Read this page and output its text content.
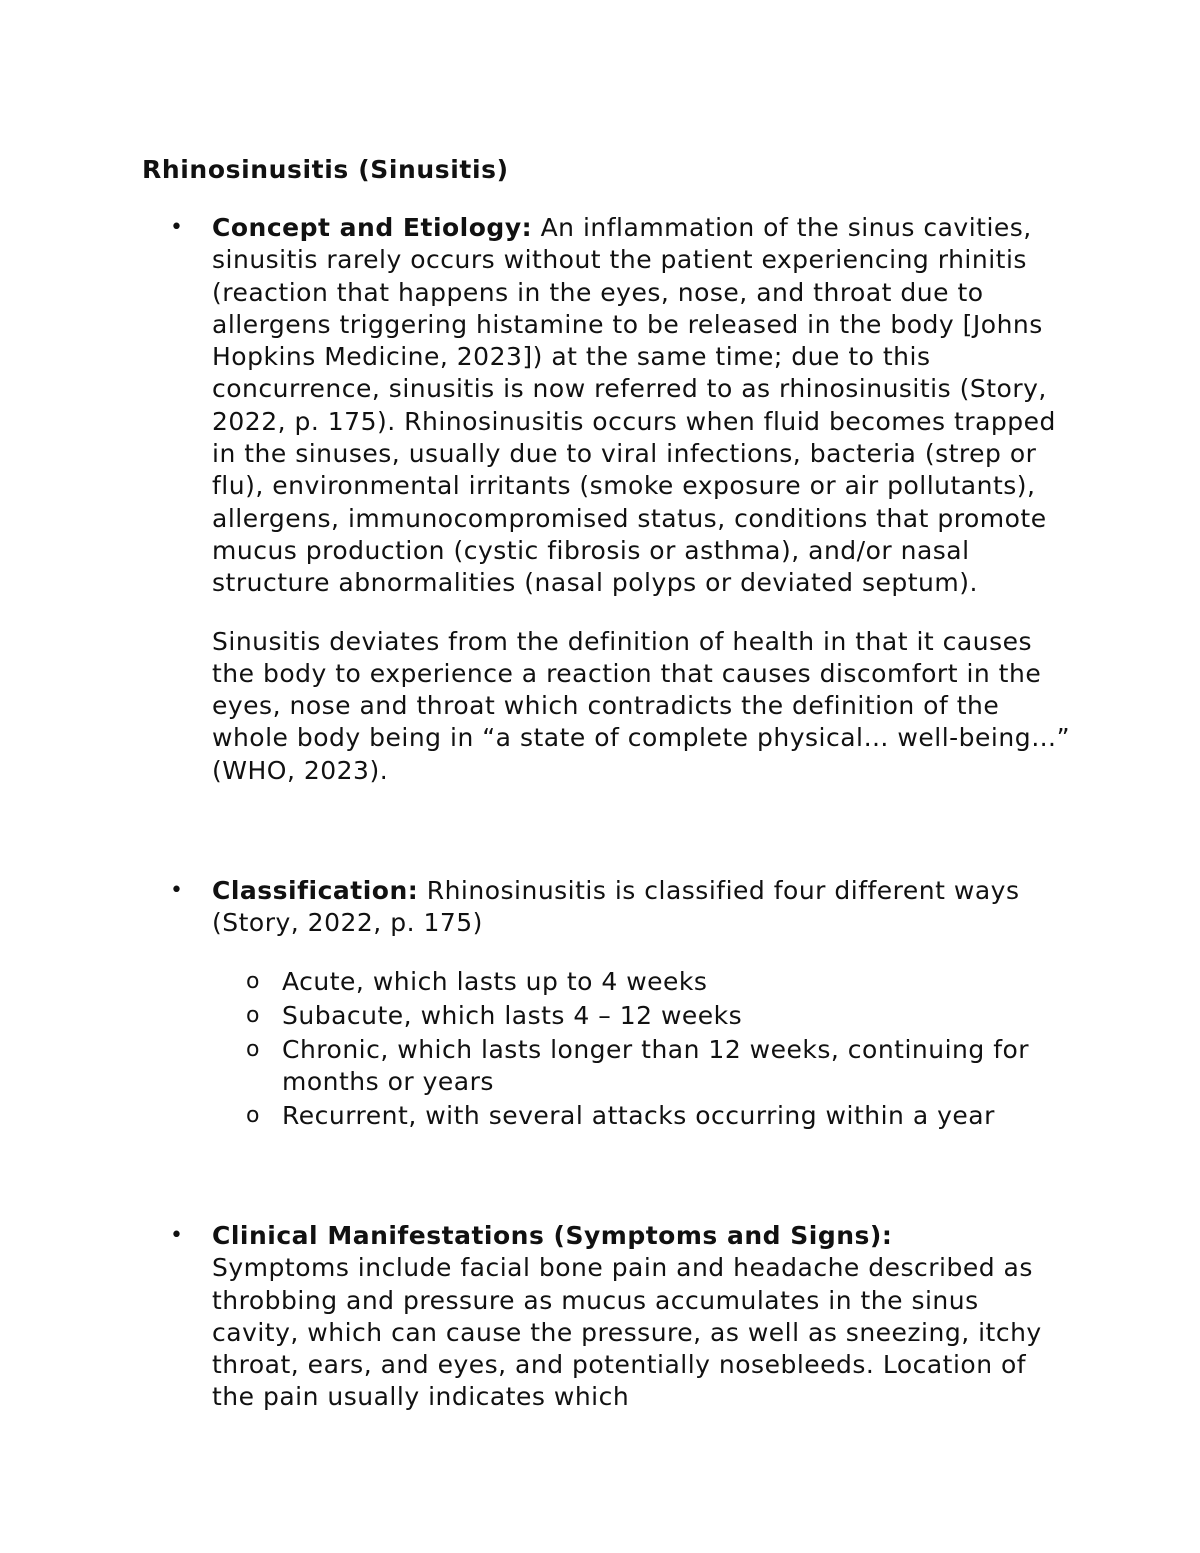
Rhinosinusitis (Sinusitis)
• Concept and Etiology: An inflammation of the sinus cavities, sinusitis rarely occurs without the patient experiencing rhinitis (reaction that happens in the eyes, nose, and throat due to allergens triggering histamine to be released in the body [Johns Hopkins Medicine, 2023]) at the same time; due to this concurrence, sinusitis is now referred to as rhinosinusitis (Story, 2022, p. 175). Rhinosinusitis occurs when fluid becomes trapped in the sinuses, usually due to viral infections, bacteria (strep or flu), environmental irritants (smoke exposure or air pollutants), allergens, immunocompromised status, conditions that promote mucus production (cystic fibrosis or asthma), and/or nasal structure abnormalities (nasal polyps or deviated septum).

Sinusitis deviates from the definition of health in that it causes the body to experience a reaction that causes discomfort in the eyes, nose and throat which contradicts the definition of the whole body being in “a state of complete physical… well-being…” (WHO, 2023).

• Classification: Rhinosinusitis is classified four different ways (Story, 2022, p. 175)

o Acute, which lasts up to 4 weeks
o Subacute, which lasts 4 – 12 weeks
o Chronic, which lasts longer than 12 weeks, continuing for months or years
o Recurrent, with several attacks occurring within a year
• Clinical Manifestations (Symptoms and Signs):
Symptoms include facial bone pain and headache described as throbbing and pressure as mucus accumulates in the sinus cavity, which can cause the pressure, as well as sneezing, itchy throat, ears, and eyes, and potentially nosebleeds. Location of the pain usually indicates which
